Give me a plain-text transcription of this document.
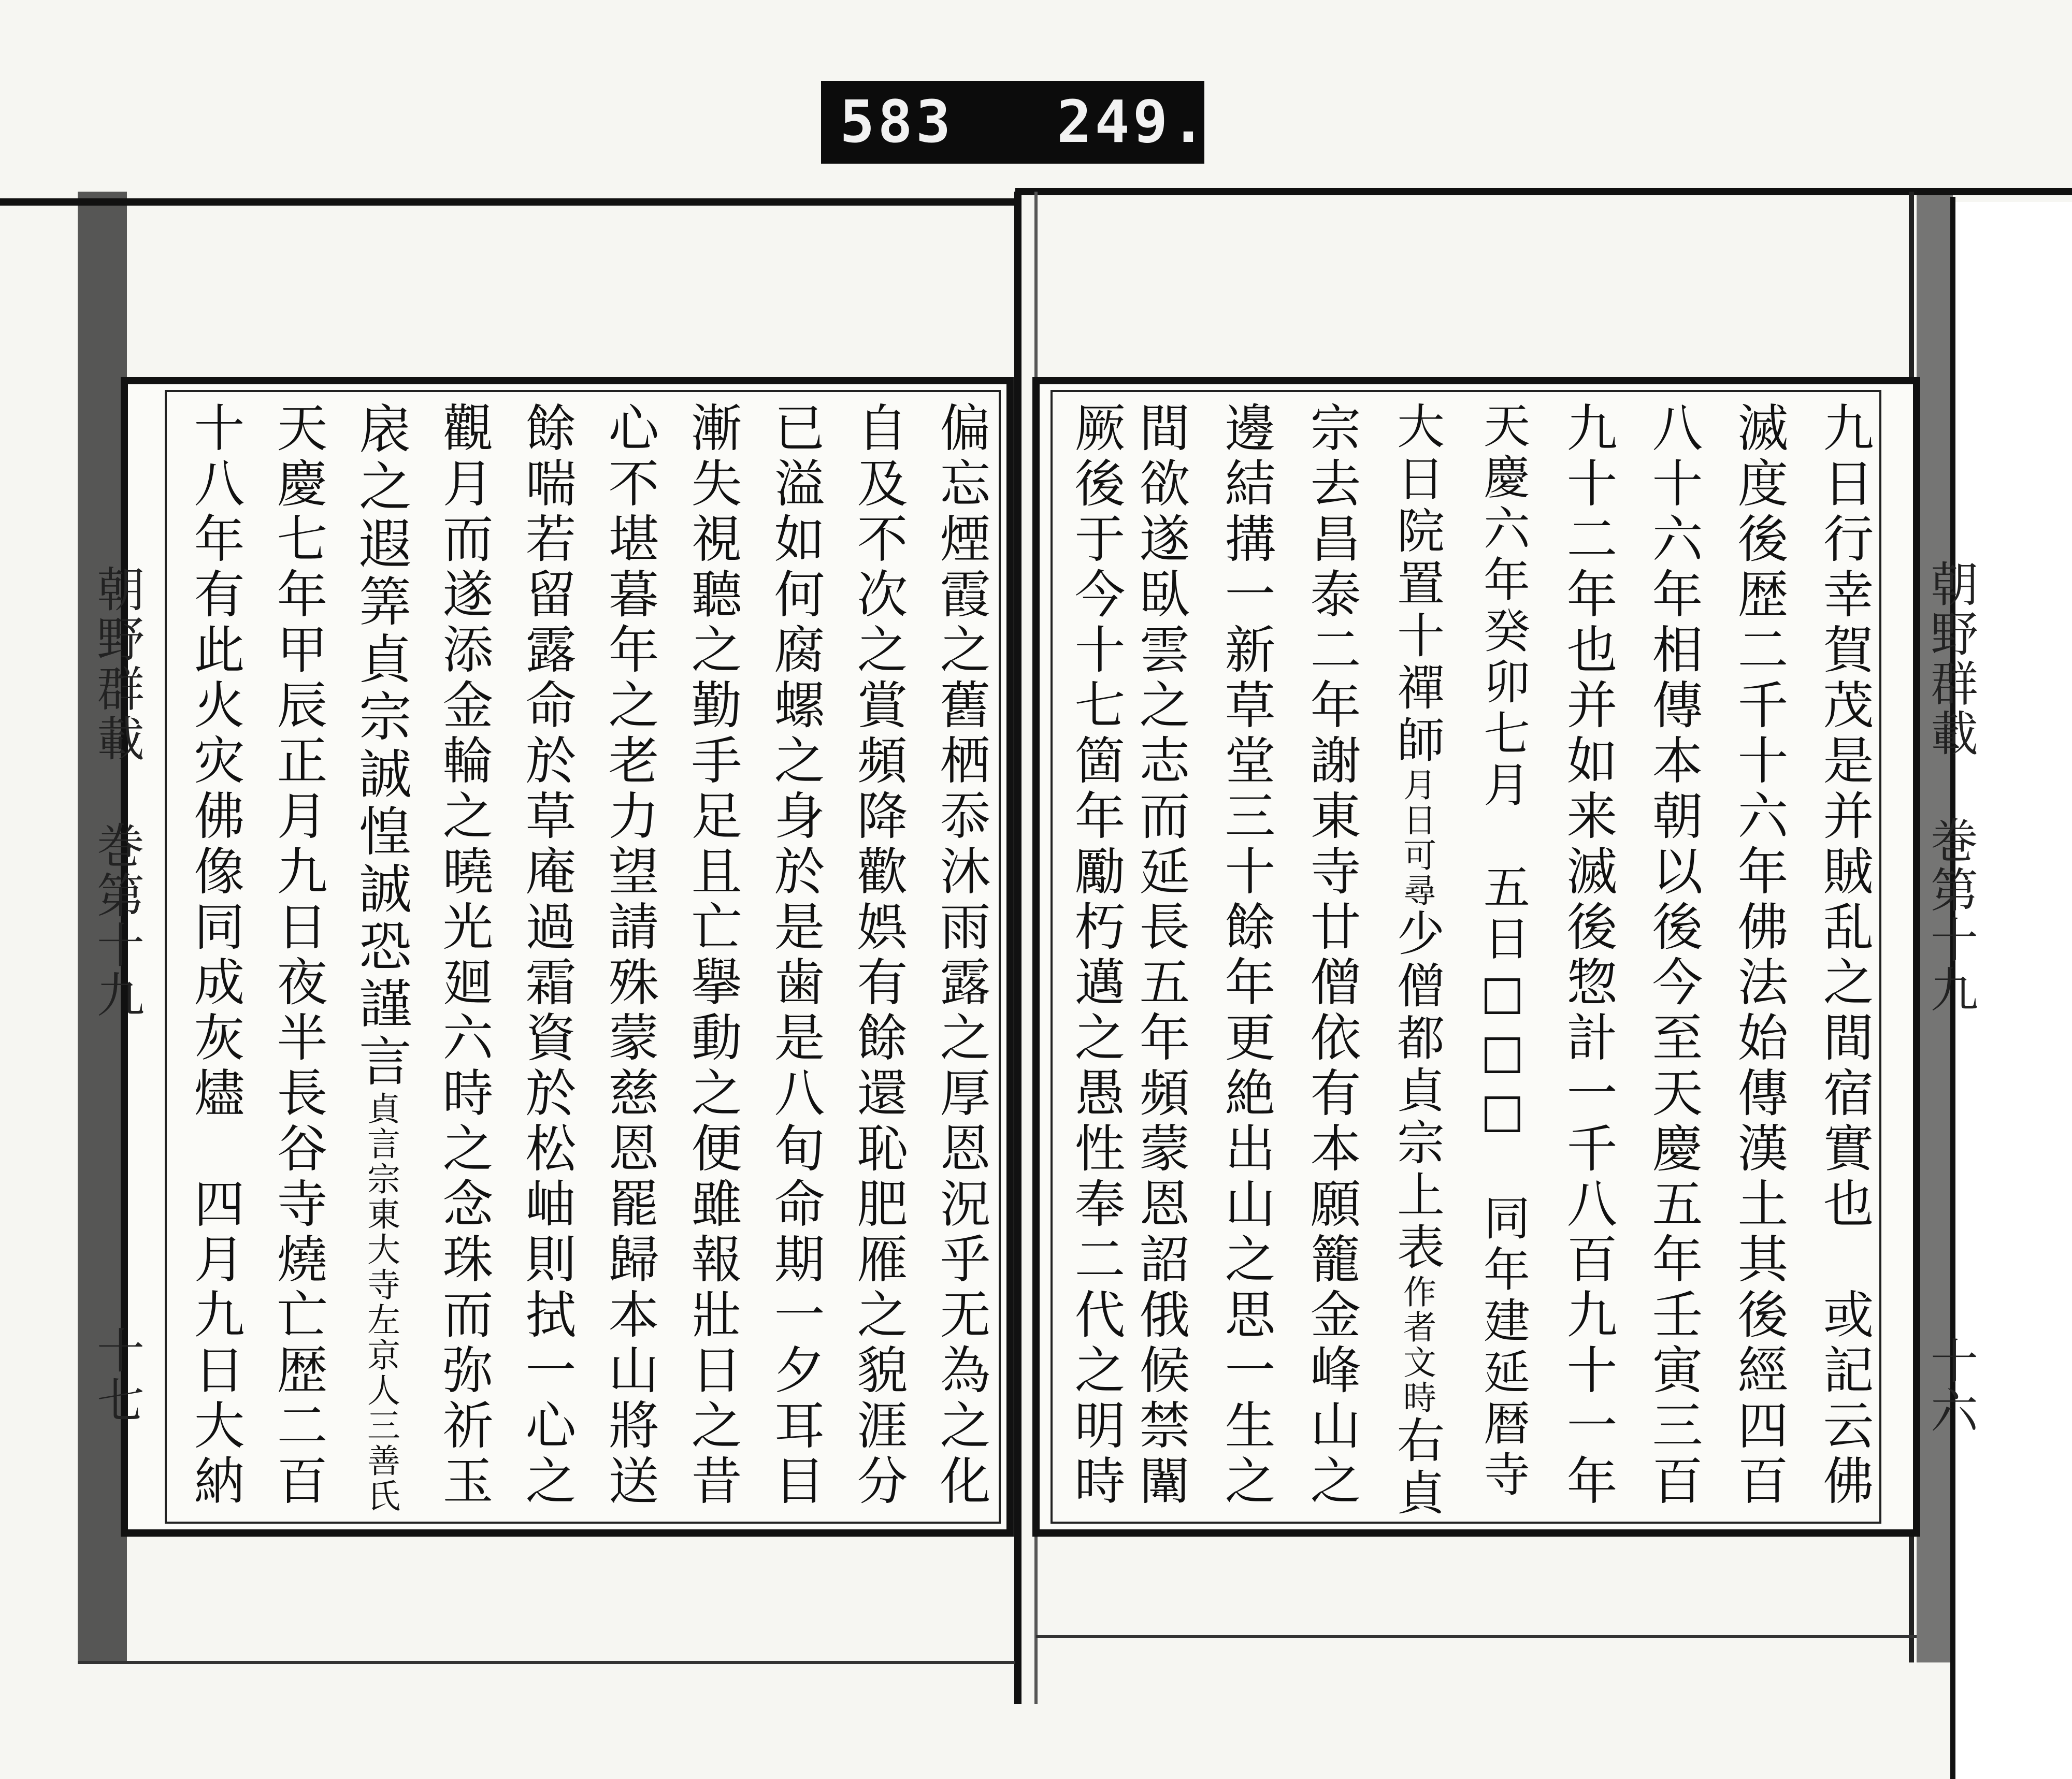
583 249.
朝野群載 巻第十九
十六
朝野群載 巻第十九
十七	九日行幸賀茂是并賊乱之間宿實也　或記云佛
滅度後歴二千十六年佛法始傳漢土其後經四百
八十六年相傳本朝以後今至天慶五年壬寅三百
九十二年也并如来滅後惣計一千八百九十一年
天慶六年癸卯七月　五日□□□　同年建延暦寺
大日院置十禪師月日可尋少僧都貞宗上表作者文時右貞
宗去昌泰二年謝東寺廿僧依有本願籠金峰山之
邊結搆一新草堂三十餘年更絶出山之思一生之
間欲遂臥雲之志而延長五年頻蒙恩詔俄候禁闈
厥後于今十七箇年勵朽邁之愚性奉二代之明時
偏忘煙霞之舊栖忝沐雨露之厚恩況乎无為之化
自及不次之賞頻降歡娯有餘還恥肥雁之貌涯分
已溢如何腐螺之身於是歯是八旬命期一夕耳目
漸失視聽之勤手足且亡擧動之便雖報壯日之昔
心不堪暮年之老力望請殊蒙慈恩罷歸本山將送
餘喘若留露命於草庵過霜資於松岫則拭一心之
觀月而遂添金輪之曉光廻六時之念珠而弥祈玉
扆之遐筭貞宗誠惶誠恐謹言貞言宗東大寺左京人三善氏
天慶七年甲辰正月九日夜半長谷寺燒亡歴二百
十八年有此火灾佛像同成灰燼　四月九日大納
